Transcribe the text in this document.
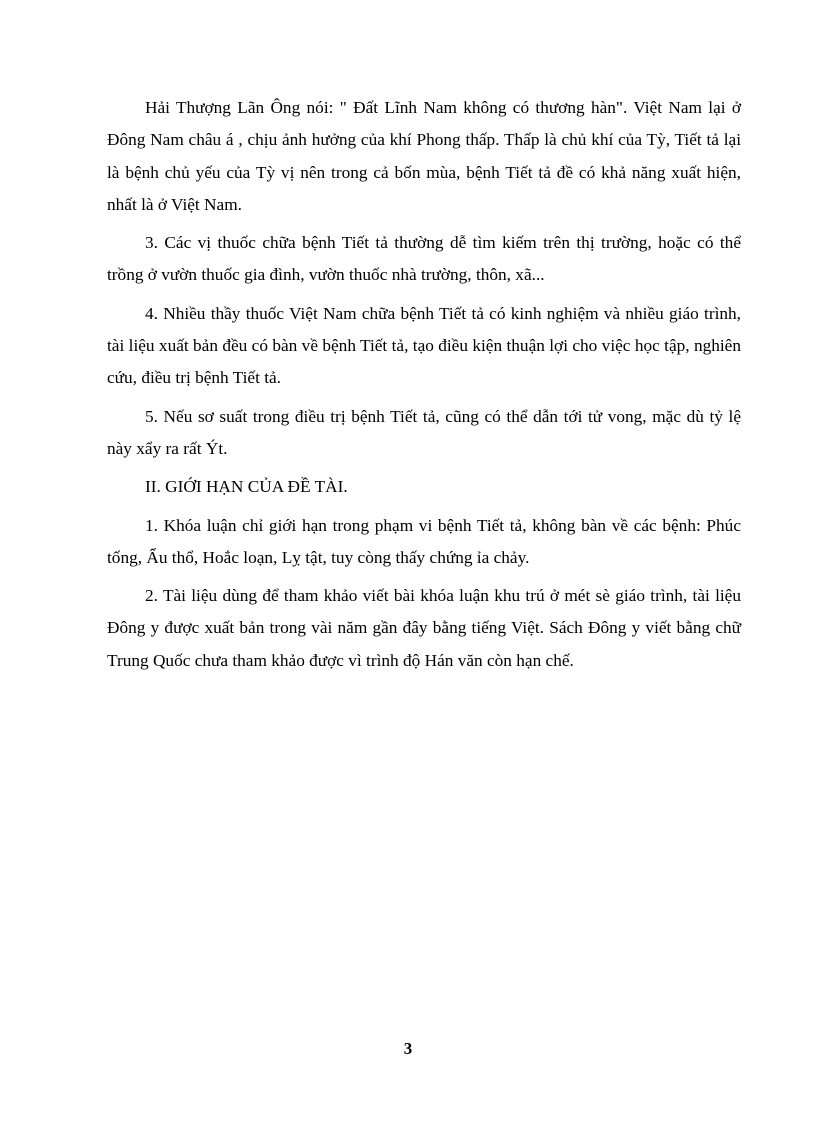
Hải Thượng Lãn Ông nói: " Đất Lĩnh Nam không có thương hàn". Việt Nam lại ở Đông Nam châu á , chịu ảnh hưởng của khí Phong thấp. Thấp là chủ khí của Tỳ, Tiết tả lại là bệnh chủ yếu của Tỳ vị nên trong cả bốn mùa, bệnh Tiết tả đề có khả năng xuất hiện, nhất là ở Việt Nam.

3. Các vị thuốc chữa bệnh Tiết tả thường dễ tìm kiếm trên thị trường, hoặc có thể trồng ở vườn thuốc gia đình, vườn thuốc nhà trường, thôn, xã...

4. Nhiều thầy thuốc Việt Nam chữa bệnh Tiết tả có kinh nghiệm và nhiều giáo trình, tài liệu xuất bản đều có bàn về bệnh Tiết tả, tạo điều kiện thuận lợi cho việc học tập, nghiên cứu, điều trị bệnh Tiết tả.

5. Nếu sơ suất trong điều trị bệnh Tiết tả, cũng có thể dẫn tới tử vong, mặc dù tỷ lệ này xẩy ra rất Ýt.

II. GIỚI HẠN CỦA ĐỀ TÀI.

1. Khóa luận chỉ giới hạn trong phạm vi bệnh Tiết tả, không bàn về các bệnh: Phúc tống, Ẩu thổ, Hoắc loạn, Lỵ tật, tuy còng thấy chứng ỉa chảy.

2. Tài liệu dùng để tham khảo viết bài khóa luận khu trú ở mét sè giáo trình, tài liệu Đông y được xuất bản trong vài năm gần đây bằng tiếng Việt. Sách Đông y viết bằng chữ Trung Quốc chưa tham khảo được vì trình độ Hán văn còn hạn chế.

3
